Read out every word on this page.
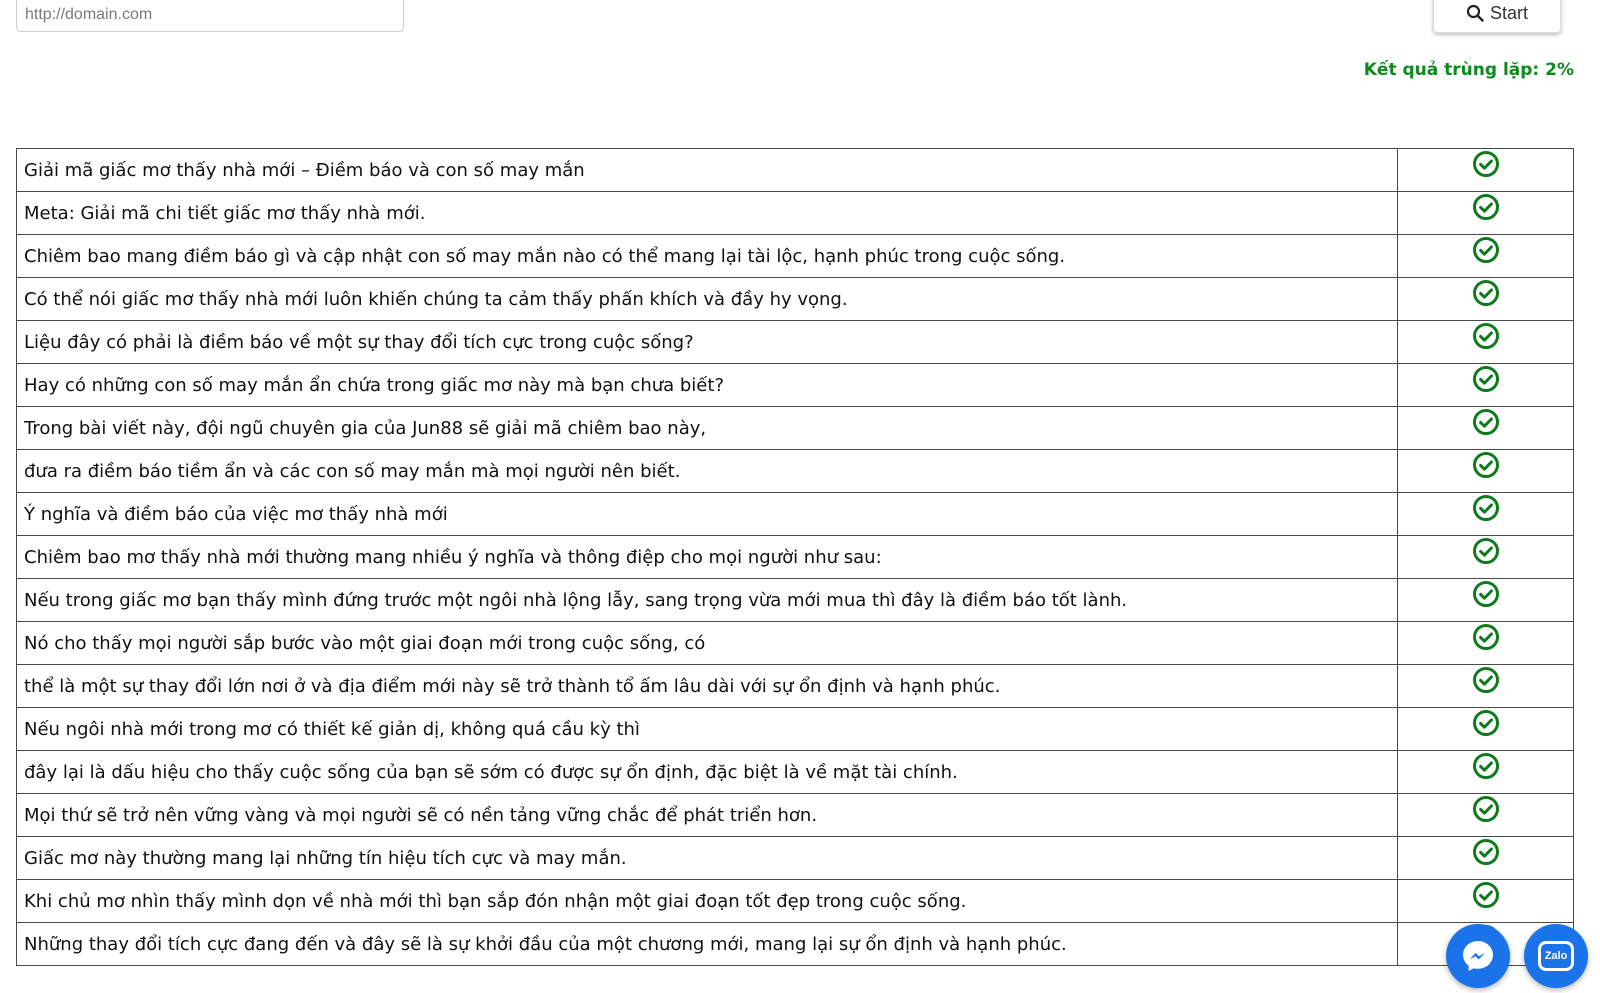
http://domain.com
Start
Kết quả trùng lặp: 2%
Giải mã giấc mơ thấy nhà mới – Điềm báo và con số may mắn	
Meta: Giải mã chi tiết giấc mơ thấy nhà mới.	
Chiêm bao mang điềm báo gì và cập nhật con số may mắn nào có thể mang lại tài lộc, hạnh phúc trong cuộc sống.	
Có thể nói giấc mơ thấy nhà mới luôn khiến chúng ta cảm thấy phấn khích và đầy hy vọng.	
Liệu đây có phải là điềm báo về một sự thay đổi tích cực trong cuộc sống?	
Hay có những con số may mắn ẩn chứa trong giấc mơ này mà bạn chưa biết?	
Trong bài viết này, đội ngũ chuyên gia của Jun88 sẽ giải mã chiêm bao này,	
đưa ra điềm báo tiềm ẩn và các con số may mắn mà mọi người nên biết.	
Ý nghĩa và điềm báo của việc mơ thấy nhà mới	
Chiêm bao mơ thấy nhà mới thường mang nhiều ý nghĩa và thông điệp cho mọi người như sau:	
Nếu trong giấc mơ bạn thấy mình đứng trước một ngôi nhà lộng lẫy, sang trọng vừa mới mua thì đây là điềm báo tốt lành.	
Nó cho thấy mọi người sắp bước vào một giai đoạn mới trong cuộc sống, có	
thể là một sự thay đổi lớn nơi ở và địa điểm mới này sẽ trở thành tổ ấm lâu dài với sự ổn định và hạnh phúc.	
Nếu ngôi nhà mới trong mơ có thiết kế giản dị, không quá cầu kỳ thì	
đây lại là dấu hiệu cho thấy cuộc sống của bạn sẽ sớm có được sự ổn định, đặc biệt là về mặt tài chính.	
Mọi thứ sẽ trở nên vững vàng và mọi người sẽ có nền tảng vững chắc để phát triển hơn.	
Giấc mơ này thường mang lại những tín hiệu tích cực và may mắn.	
Khi chủ mơ nhìn thấy mình dọn về nhà mới thì bạn sắp đón nhận một giai đoạn tốt đẹp trong cuộc sống.	
Những thay đổi tích cực đang đến và đây sẽ là sự khởi đầu của một chương mới, mang lại sự ổn định và hạnh phúc.	
Zalo
